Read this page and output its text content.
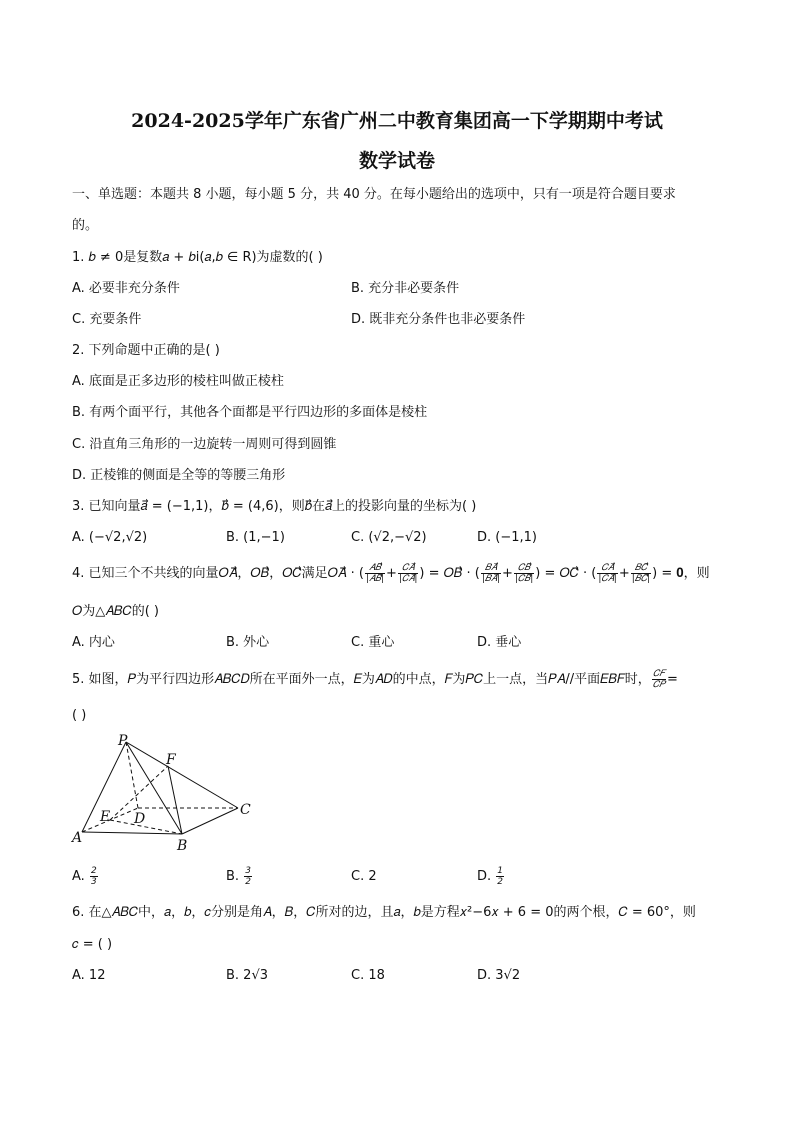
2024-2025学年广东省广州二中教育集团高一下学期期中考试
数学试卷
一、单选题：本题共 8 小题，每小题 5 分，共 40 分。在每小题给出的选项中，只有一项是符合题目要求
的。
1. 𝑏 ≠ 0是复数𝑎 + 𝑏i(𝑎,𝑏 ∈ R)为虚数的( )
A. 必要非充分条件	B. 充分非必要条件
C. 充要条件	D. 既非充分条件也非必要条件
2. 下列命题中正确的是( )
A. 底面是正多边形的棱柱叫做正棱柱
B. 有两个面平行，其他各个面都是平行四边形的多面体是棱柱
C. 沿直角三角形的一边旋转一周则可得到圆锥
D. 正棱锥的侧面是全等的等腰三角形
3. 已知向量𝑎⃗ = (−1,1)，𝑏⃗ = (4,6)，则𝑏⃗在𝑎⃗上的投影向量的坐标为( )
A. (−√2,√2)	B. (1,−1)	C. (√2,−√2)	D. (−1,1)
4. 已知三个不共线的向量𝑂𝐴⃗，𝑂𝐵⃗，𝑂𝐶⃗满足𝑂𝐴⃗ · ( $\frac{\text{𝐴𝐵⃗}}{\text{|𝐴𝐵⃗|}} + \frac{\text{𝐶𝐴⃗}}{\text{|𝐶𝐴⃗|}}$ ) = 𝑂𝐵⃗ · ( $\frac{\text{𝐵𝐴⃗}}{\text{|𝐵𝐴⃗|}} + \frac{\text{𝐶𝐵⃗}}{\text{|𝐶𝐵⃗|}}$ ) = 𝑂𝐶⃗ · ( $\frac{\text{𝐶𝐴⃗}}{\text{|𝐶𝐴⃗|}} + \frac{\text{𝐵𝐶⃗}}{\text{|𝐵𝐶⃗|}}$ ) = 𝟎，则
𝑂为△𝐴𝐵𝐶的( )
A. 内心	B. 外心	C. 重心	D. 垂心
5. 如图，𝑃为平行四边形𝐴𝐵𝐶𝐷所在平面外一点，𝐸为𝐴𝐷的中点，𝐹为𝑃𝐶上一点，当𝑃𝐴//平面𝐸𝐵𝐹时， $\frac{\text{𝐶𝐹}}{\text{𝐶𝑃}}$ =
( )
P
F
E D
C
A	B
A. $\frac{2}{3}$	B. $\frac{3}{2}$	C. 2	D. $\frac{1}{2}$
6. 在△𝐴𝐵𝐶中，𝑎，𝑏，𝑐分别是角𝐴，𝐵，𝐶所对的边，且𝑎，𝑏是方程𝑥²−6𝑥 + 6 = 0的两个根，𝐶 = 60°，则
𝑐 = ( )
A. 12	B. 2√3	C. 18	D. 3√2
